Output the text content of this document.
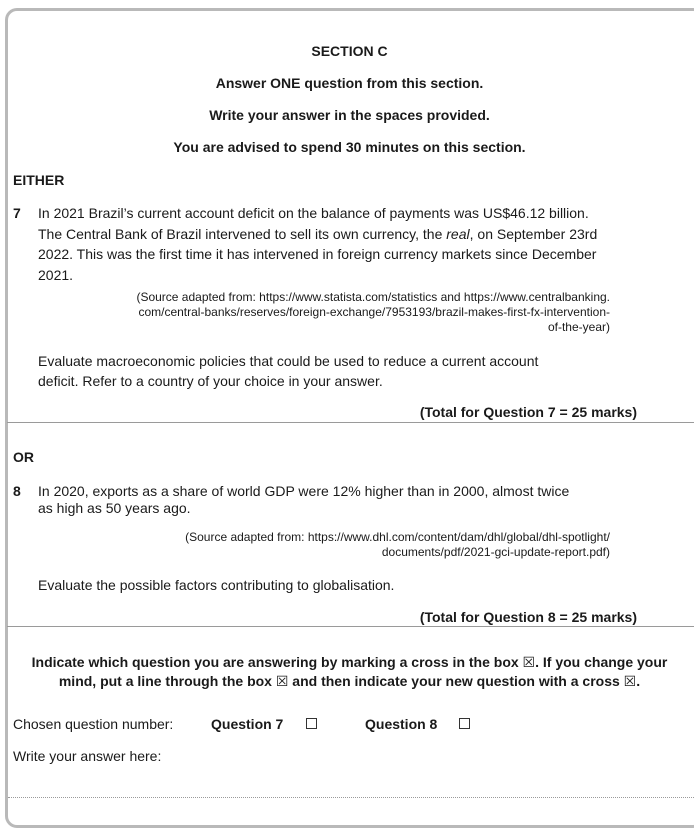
SECTION C
Answer ONE question from this section.
Write your answer in the spaces provided.
You are advised to spend 30 minutes on this section.
EITHER
7 In 2021 Brazil’s current account deficit on the balance of payments was US$46.12 billion. The Central Bank of Brazil intervened to sell its own currency, the real, on September 23rd 2022. This was the first time it has intervened in foreign currency markets since December 2021.
(Source adapted from: https://www.statista.com/statistics and https://www.centralbanking.
com/central-banks/reserves/foreign-exchange/7953193/brazil-makes-first-fx-intervention-
of-the-year)
Evaluate macroeconomic policies that could be used to reduce a current account
deficit. Refer to a country of your choice in your answer.
(Total for Question 7 = 25 marks)
OR
8 In 2020, exports as a share of world GDP were 12% higher than in 2000, almost twice
as high as 50 years ago.
(Source adapted from: https://www.dhl.com/content/dam/dhl/global/dhl-spotlight/
documents/pdf/2021-gci-update-report.pdf)
Evaluate the possible factors contributing to globalisation.
(Total for Question 8 = 25 marks)
Indicate which question you are answering by marking a cross in the box ☒. If you change your
mind, put a line through the box ☒ and then indicate your new question with a cross ☒.
Chosen question number:	Question 7	Question 8
Write your answer here:
